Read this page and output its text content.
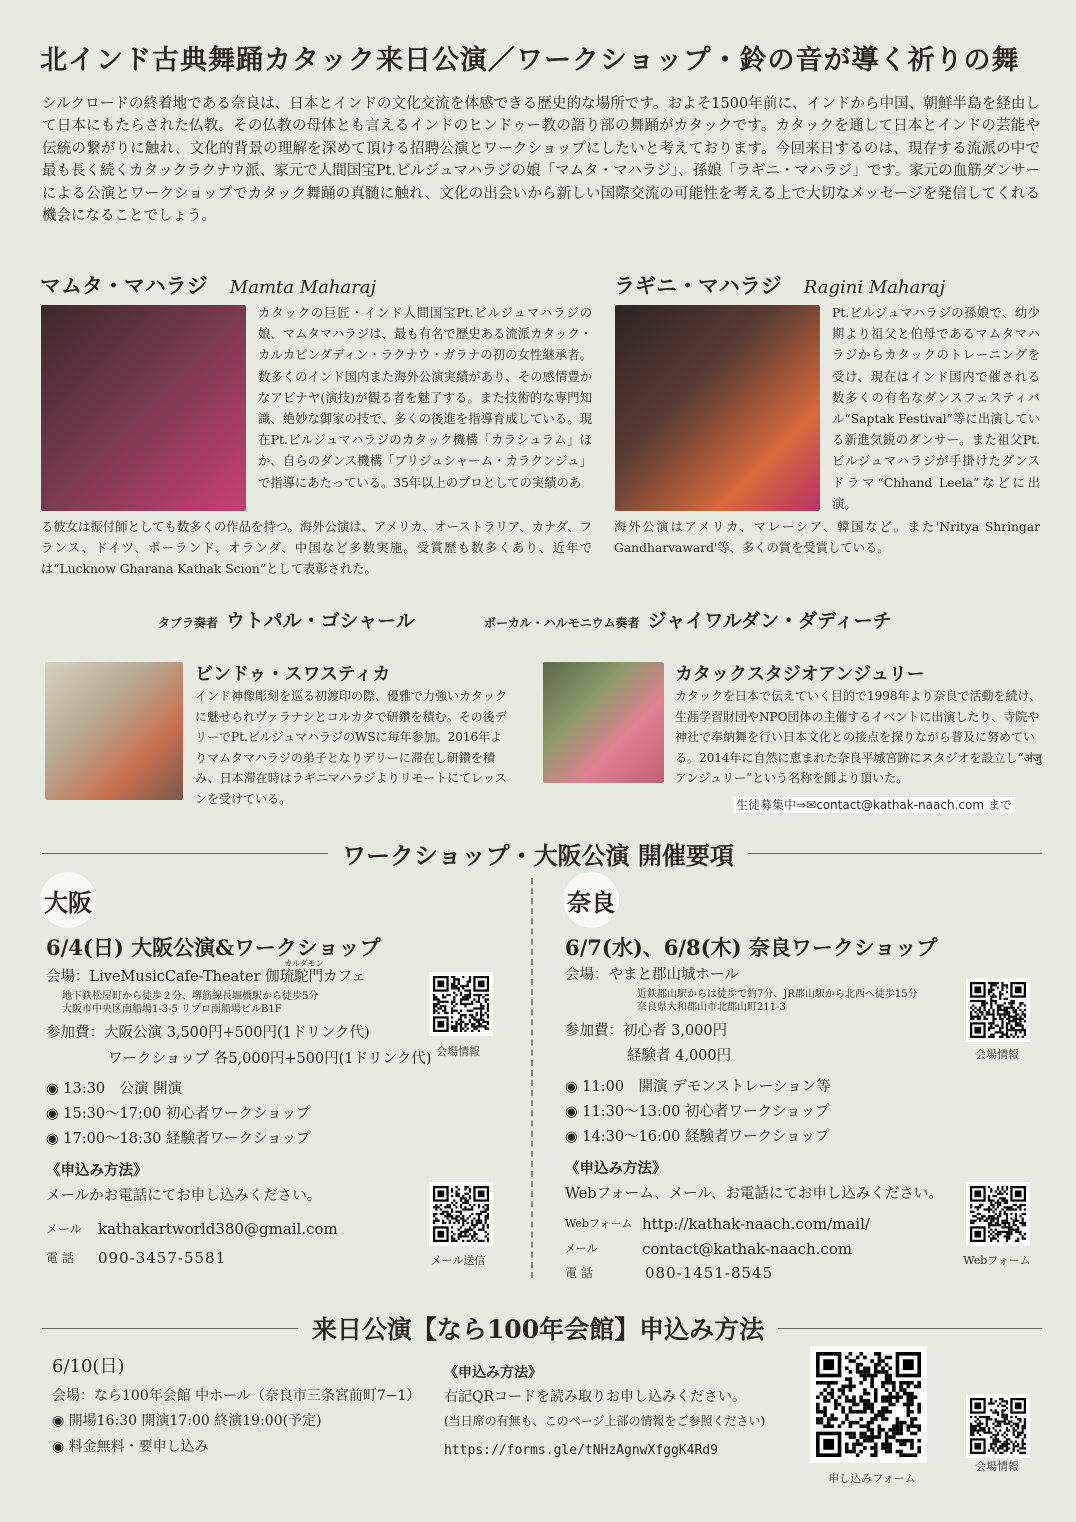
北インド古典舞踊カタック来日公演／ワークショップ・鈴の音が導く祈りの舞
シルクロードの終着地である奈良は、日本とインドの文化交流を体感できる歴史的な場所です。およそ1500年前に、インドから中国、朝鮮半島を経由して日本にもたらされた仏教。その仏教の母体とも言えるインドのヒンドゥー教の語り部の舞踊がカタックです。カタックを通して日本とインドの芸能や伝統の繋がりに触れ、文化的背景の理解を深めて頂ける招聘公演とワークショップにしたいと考えております。今回来日するのは、現存する流派の中で最も長く続くカタックラクナウ派、家元で人間国宝Pt.ビルジュマハラジの娘「マムタ・マハラジ」、孫娘「ラギニ・マハラジ」です。家元の血筋ダンサーによる公演とワークショップでカタック舞踊の真髄に触れ、文化の出会いから新しい国際交流の可能性を考える上で大切なメッセージを発信してくれる機会になることでしょう。
マムタ・マハラジ Mamta Maharaj
カタックの巨匠・インド人間国宝Pt.ビルジュマハラジの娘、マムタマハラジは、最も有名で歴史ある流派カタック・カルカピンダディン・ラクナウ・ガラナの初の女性継承者。数多くのインド国内また海外公演実績があり、その感情豊かなアビナヤ(演技)が観る者を魅了する。また技術的な専門知識、絶妙な御家の技で、多くの後進を指導育成している。現在Pt.ビルジュマハラジのカタック機構「カラシュラム」ほか、自らのダンス機構「ブリジュシャーム・カラクンジュ」で指導にあたっている。35年以上のプロとしての実績のあ
る彼女は振付師としても数多くの作品を持つ。海外公演は、アメリカ、オーストラリア、カナダ、フランス、ドイツ、ポーランド、オランダ、中国など多数実施。受賞歴も数多くあり、近年では“Lucknow Gharana Kathak Scion”として表彰された。
ラギニ・マハラジ Ragini Maharaj
Pt.ビルジュマハラジの孫娘で、幼少期より祖父と伯母であるマムタマハラジからカタックのトレーニングを受け、現在はインド国内で催される数多くの有名なダンスフェスティバル“Saptak Festival”等に出演している新進気鋭のダンサー。また祖父Pt.ビルジュマハラジが手掛けたダンスドラマ“Chhand Leela”などに出演。
海外公演はアメリカ、マレーシア、韓国など。また'Nritya Shringar Gandharvaward'等、多くの賞を受賞している。
タブラ奏者 ウトパル・ゴシャール	ボーカル・ハルモニウム奏者 ジャイワルダン・ダディーチ
ビンドゥ・スワスティカ
インド神像彫刻を巡る初渡印の際、優雅で力強いカタックに魅せられヴァラナシとコルカタで研鑽を積む。その後デリーでPt.ビルジュマハラジのWSに毎年参加。2016年よりマムタマハラジの弟子となりデリーに滞在し研鑽を積み、日本滞在時はラギニマハラジよりリモートにてレッスンを受けている。
カタックスタジオアンジュリー
カタックを日本で伝えていく目的で1998年より奈良で活動を続け、生涯学習財団やNPO団体の主催するイベントに出演したり、寺院や神社で奉納舞を行い日本文化との接点を探りながら普及に努めている。2014年に自然に恵まれた奈良平城宮跡にスタジオを設立し“अंजु アンジュリー”という名称を師より頂いた。
生徒募集中⇒✉contact@kathak-naach.com まで
ワークショップ・大阪公演 開催要項
大阪
6/4(日) 大阪公演&ワークショップ
カルダモン
会場：LiveMusicCafe-Theater 伽琉駝門カフェ
地下鉄松屋町から徒歩２分、堺筋線長堀橋駅から徒歩5分
大阪市中央区南船場1-3-5 リプロ南船場ビルB1F
参加費：大阪公演 3,500円+500円(1ドリンク代)
ワークショップ 各5,000円+500円(1ドリンク代)
◉ 13:30　公演 開演
◉ 15:30〜17:00 初心者ワークショップ
◉ 17:00〜18:30 経験者ワークショップ
《申込み方法》
メールかお電話にてお申し込みください。
メール kathakartworld380@gmail.com
電 話 090-3457-5581
会場情報
メール送信
奈良
6/7(水)、6/8(木) 奈良ワークショップ
会場：やまと郡山城ホール
近鉄郡山駅からは徒歩で約7分、JR郡山駅から北西へ徒歩15分
奈良県大和郡山市北郡山町211-3
参加費：初心者 3,000円
経験者 4,000円
◉ 11:00　開演 デモンストレーション等
◉ 11:30〜13:00 初心者ワークショップ
◉ 14:30〜16:00 経験者ワークショップ
《申込み方法》
Webフォーム、メール、お電話にてお申し込みください。
Webフォーム http://kathak-naach.com/mail/
メール	contact@kathak-naach.com
電 話	080-1451-8545
会場情報
Webフォーム
来日公演【なら100年会館】申込み方法
6/10(日)
会場：なら100年会館 中ホール（奈良市三条宮前町7−1）
◉ 開場16:30 開演17:00 終演19:00(予定)
◉ 料金無料・要申し込み
《申込み方法》
右記QRコードを読み取りお申し込みください。
(当日席の有無も、このページ上部の情報をご参照ください)
https://forms.gle/tNHzAgnwXfggK4Rd9
申し込みフォーム
会場情報
